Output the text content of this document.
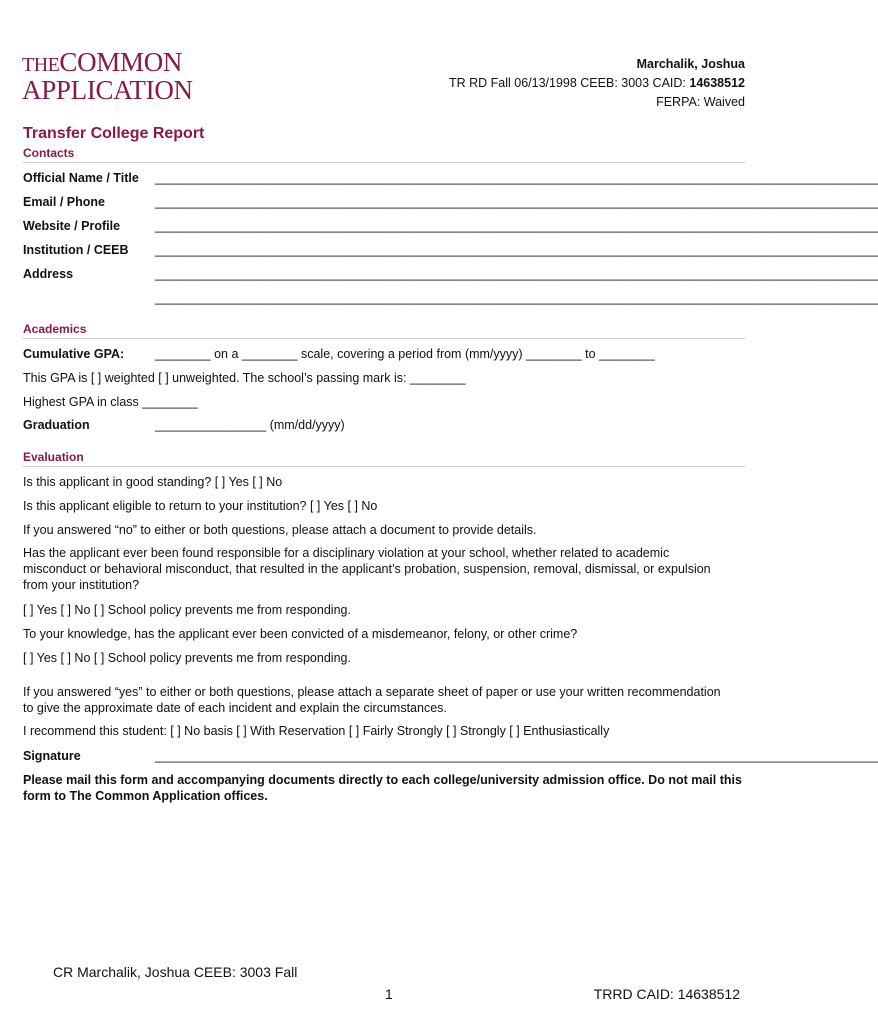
THECOMMON
APPLICATION
Marchalik, Joshua
TR RD Fall 06/13/1998 CEEB: 3003 CAID: 14638512
FERPA: Waived
Transfer College Report
Contacts
Official Name / Title ________________________________________________________________________________________________________
Email / Phone	________________________________________________________________________________________________________
Website / Profile	________________________________________________________________________________________________________
Institution / CEEB ________________________________________________________________________________________________________
Address	________________________________________________________________________________________________________
________________________________________________________________________________________________________
Academics
Cumulative GPA: ________ on a ________ scale, covering a period from (mm/yyyy) ________ to ________
This GPA is [ ] weighted [ ] unweighted. The school’s passing mark is: ________
Highest GPA in class ________
Graduation	________________ (mm/dd/yyyy)
Evaluation
Is this applicant in good standing? [ ] Yes [ ] No
Is this applicant eligible to return to your institution? [ ] Yes [ ] No
If you answered “no” to either or both questions, please attach a document to provide details.
Has the applicant ever been found responsible for a disciplinary violation at your school, whether related to academic misconduct or behavioral misconduct, that resulted in the applicant’s probation, suspension, removal, dismissal, or expulsion from your institution?
[ ] Yes [ ] No [ ] School policy prevents me from responding.
To your knowledge, has the applicant ever been convicted of a misdemeanor, felony, or other crime?
[ ] Yes [ ] No [ ] School policy prevents me from responding.
If you answered “yes” to either or both questions, please attach a separate sheet of paper or use your written recommendation to give the approximate date of each incident and explain the circumstances.
I recommend this student: [ ] No basis [ ] With Reservation [ ] Fairly Strongly [ ] Strongly [ ] Enthusiastically
Signature	________________________________________________________________________________________________________
Please mail this form and accompanying documents directly to each college/university admission office. Do not mail this form to The Common Application offices.
CR Marchalik, Joshua CEEB: 3003 Fall
1	TRRD CAID: 14638512
